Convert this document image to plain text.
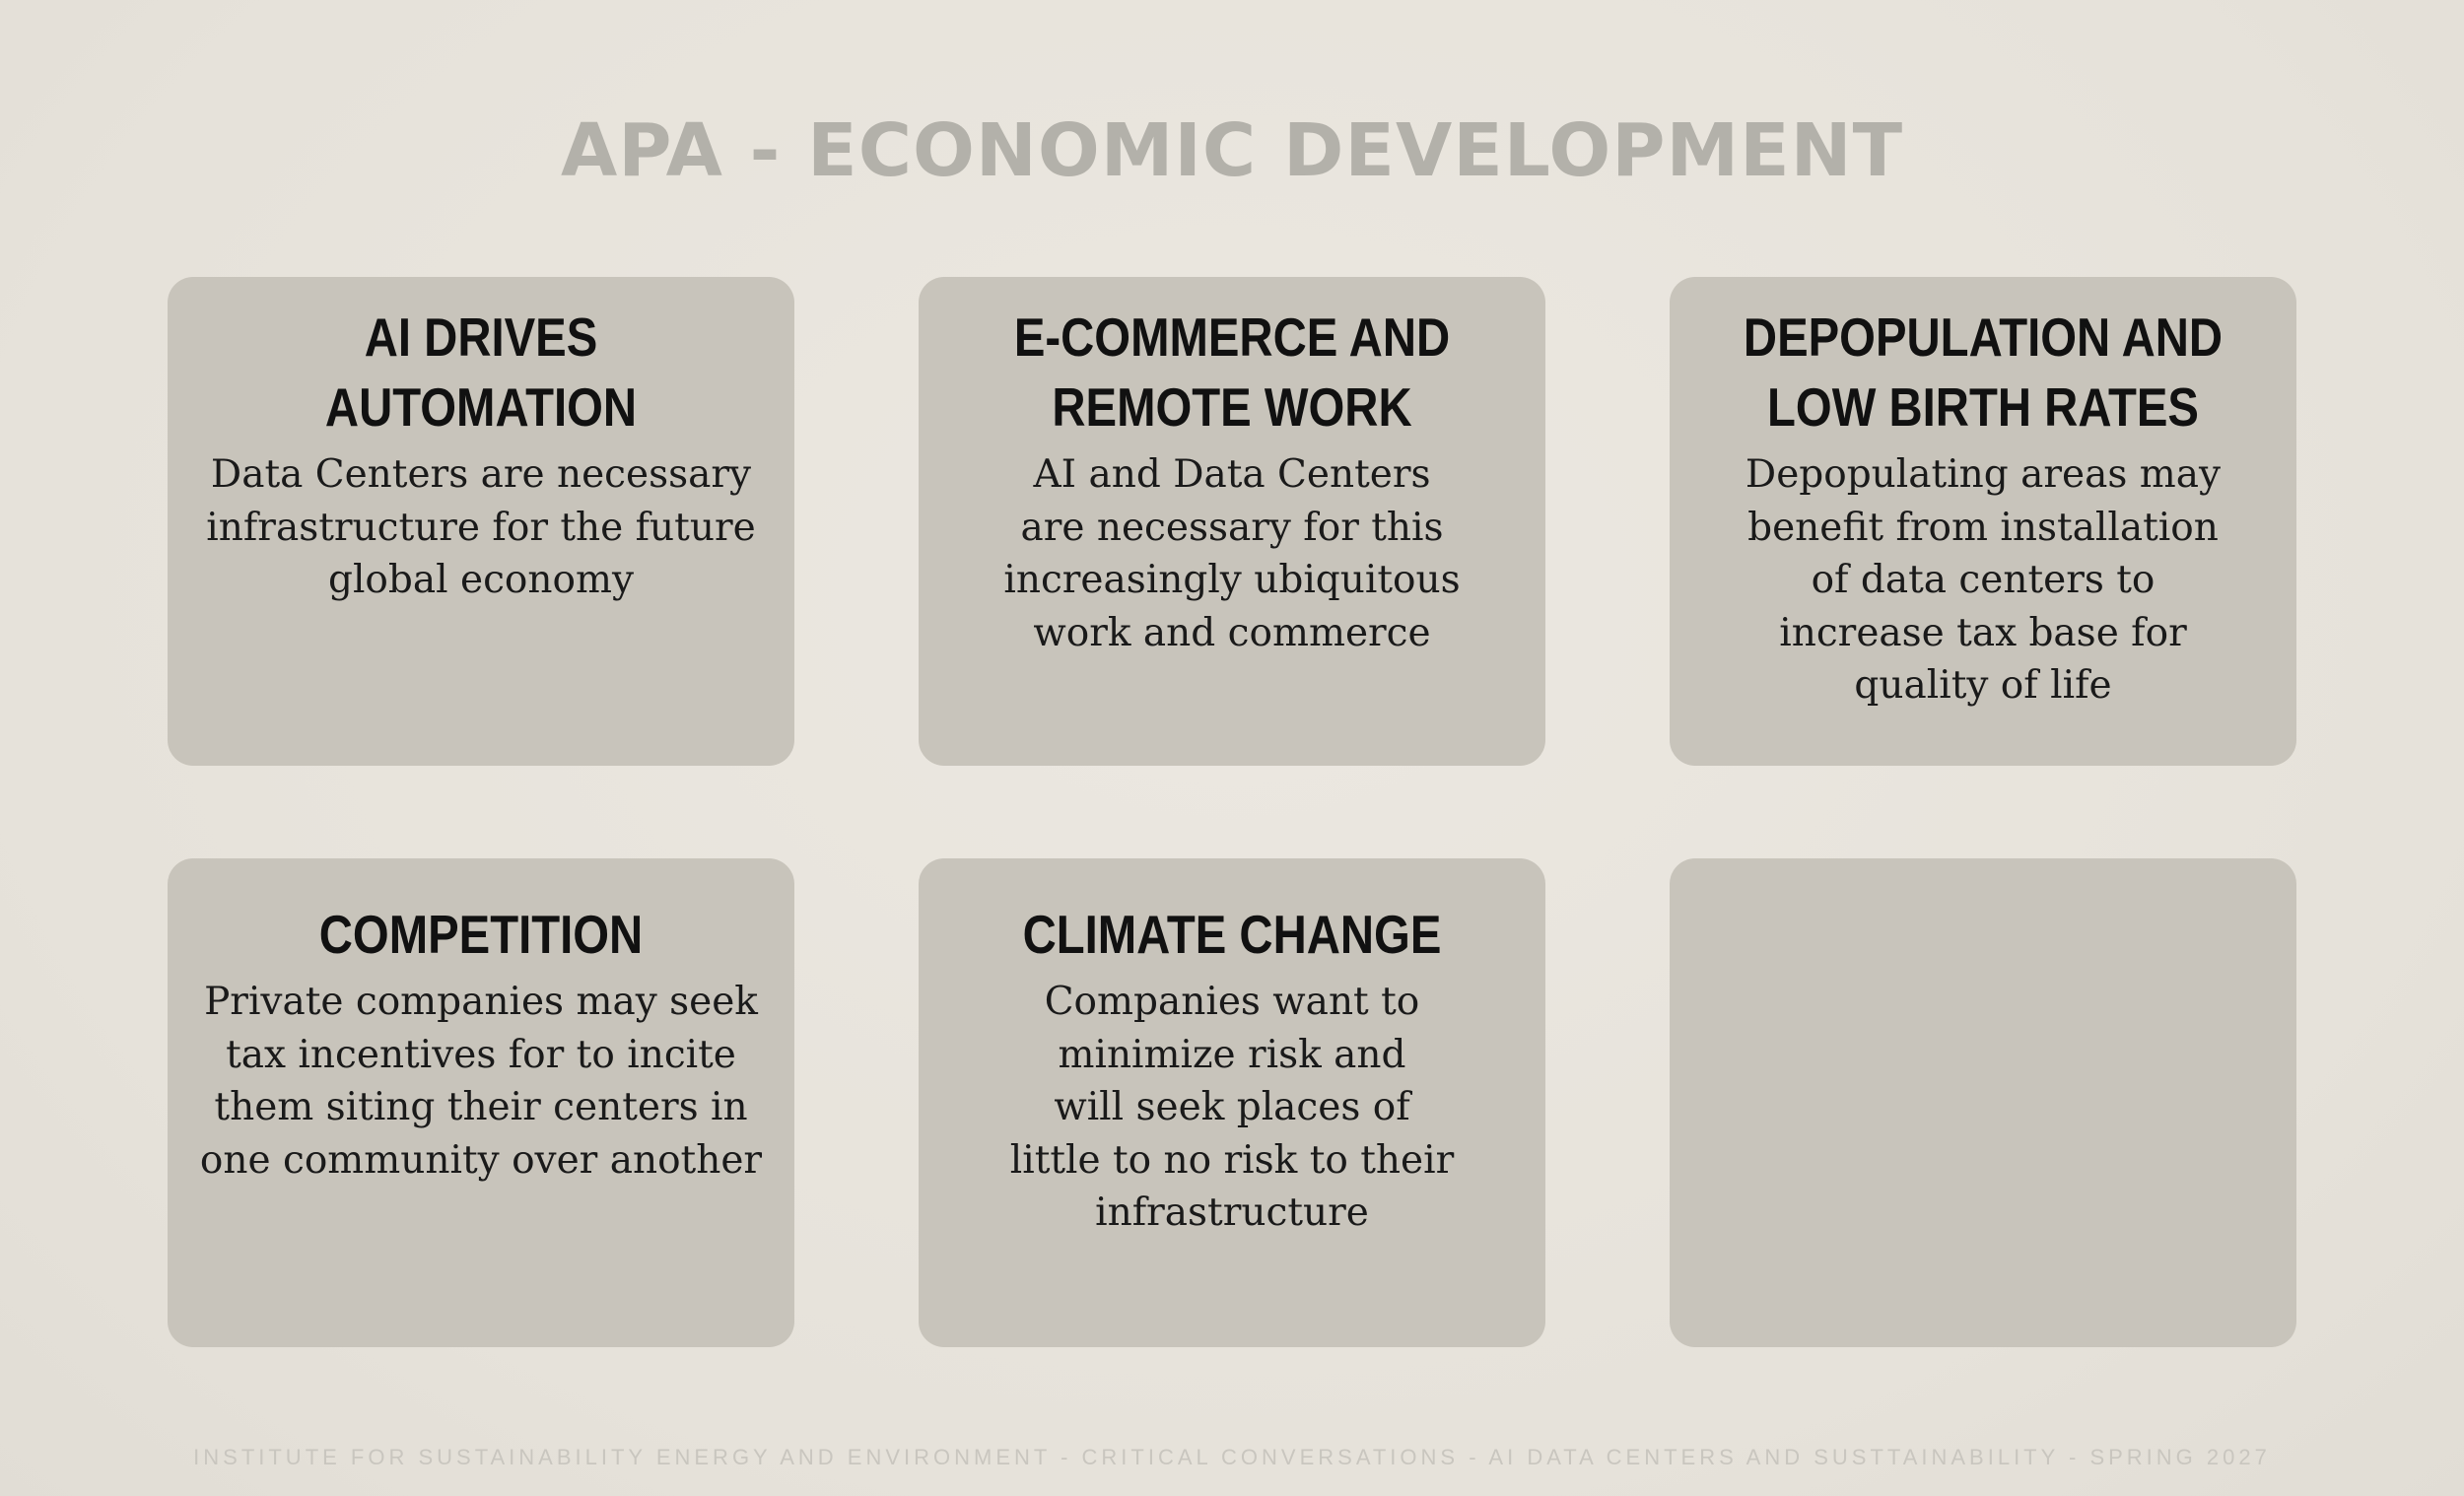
APA - ECONOMIC DEVELOPMENT
AI DRIVES AUTOMATION
Data Centers are necessary
infrastructure for the future
global economy
E-COMMERCE AND
REMOTE WORK
AI and Data Centers
are necessary for this
increasingly ubiquitous
work and commerce
DEPOPULATION AND
LOW BIRTH RATES
Depopulating areas may
benefit from installation
of data centers to
increase tax base for
quality of life
COMPETITION
Private companies may seek
tax incentives for to incite
them siting their centers in
one community over another
CLIMATE CHANGE
Companies want to
minimize risk and
will seek places of
little to no risk to their
infrastructure
INSTITUTE FOR SUSTAINABILITY ENERGY AND ENVIRONMENT - CRITICAL CONVERSATIONS - AI DATA CENTERS AND SUSTTAINABILITY - SPRING 2027
